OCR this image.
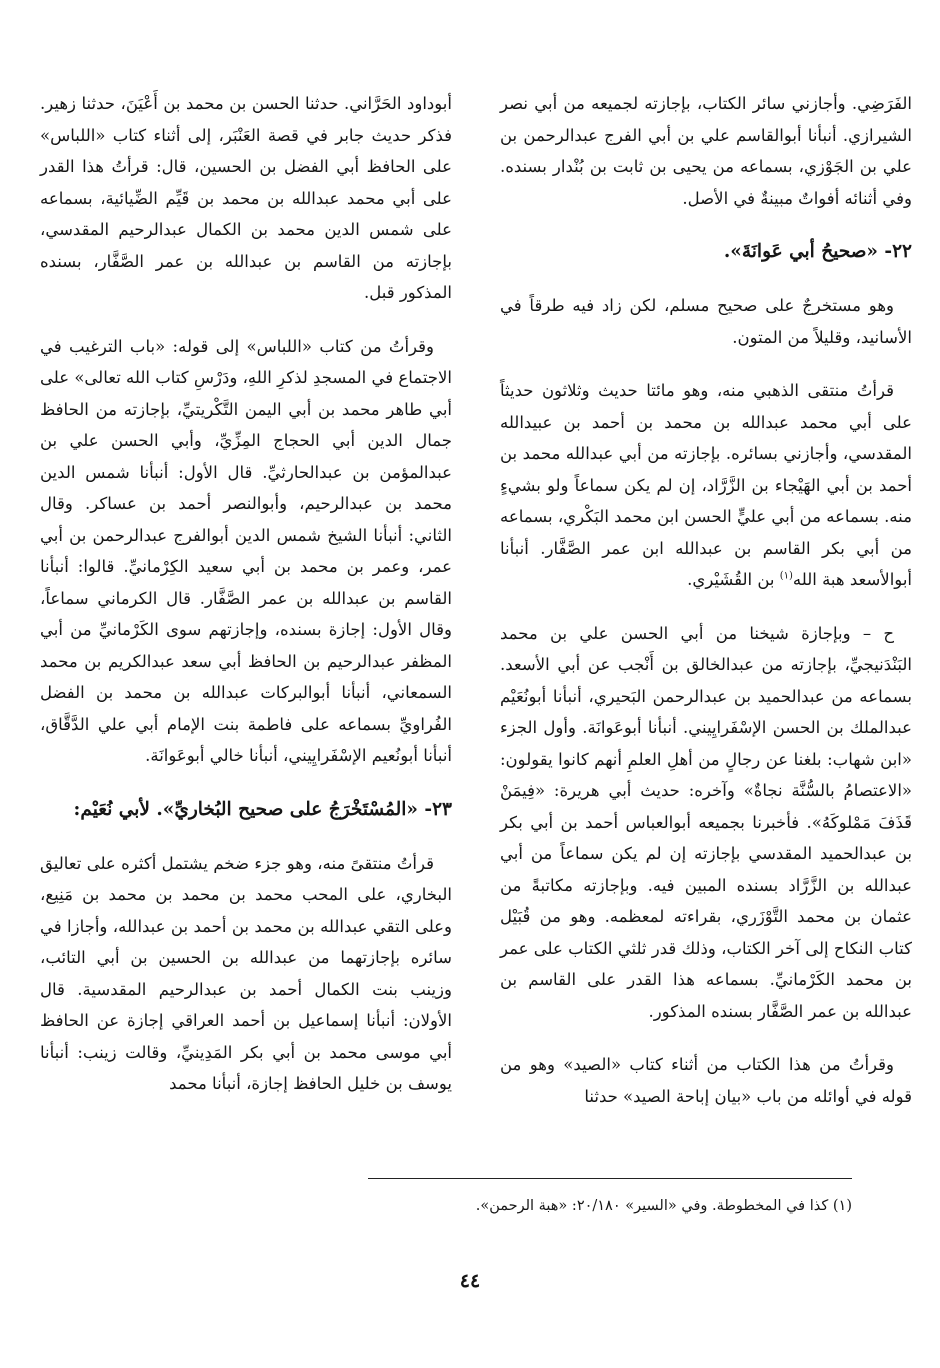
الفَرَضِي. وأجازني سائر الكتاب، بإجازته لجميعه من أبي نصر الشيرازي. أنبأنا أبوالقاسم علي بن أبي الفرج عبدالرحمن بن علي بن الجَوْزي، بسماعه من يحيى بن ثابت بن بُنْدار بسنده. وفي أثنائه أفواتٌ مبينةٌ في الأصل.

٢٢- «صحيحُ أبي عَوانَةَ».

وهو مستخرجٌ على صحيح مسلم، لكن زاد فيه طرقاً في الأسانيد، وقليلاً من المتون.

قرأتُ منتقى الذهبي منه، وهو مائتا حديث وثلاثون حديثاً على أبي محمد عبدالله بن محمد بن أحمد بن عبيدالله المقدسي، وأجازني بسائره. بإجازته من أبي عبدالله محمد بن أحمد بن أبي الهَيْجاء بن الزَّرَّاد، إن لم يكن سماعاً ولو بشيءٍ منه. بسماعه من أبي عليٍّ الحسن ابن محمد البَكْري، بسماعه من أبي بكر القاسم بن عبدالله ابن عمر الصَّفَّار. أنبأنا أبوالأسعد هبة الله$^{(١)}$ بن القُشَيْري.

ح – وبإجازة شيخنا من أبي الحسن علي بن محمد البَنْدَنيجيِّ، بإجازته من عبدالخالق بن أَنْجب عن أبي الأسعد. بسماعه من عبدالحميد بن عبدالرحمن البَحيري، أنبأنا أبونُعَيْم عبدالملك بن الحسن الإسْفَرايِيني. أنبأنا أبوعَوانَة. وأول الجزء «ابن شهاب: بلغنا عن رجالٍ من أهلِ العلمِ أنهم كانوا يقولون: «الاعتصامُ بالسُّنَّة نجاةٌ» وآخره: حديث أبي هريرة: «فِيمَنْ قَذَفَ مَمْلوكَهُ». فأخبرنا بجميعه أبوالعباس أحمد بن أبي بكر بن عبدالحميد المقدسي بإجازته إن لم يكن سماعاً من أبي عبدالله بن الزَّرَّاد بسنده المبين فيه. وبإجازته مكاتبةً من عثمان بن محمد التَّوْزَري، بقراءته لمعظمه. وهو من قُبَيْل كتاب النكاح إلى آخر الكتاب، وذلك قدر ثلثي الكتاب على عمر بن محمد الكَرْمانيِّ. بسماعه هذا القدر على القاسم بن عبدالله بن عمر الصَّفَّار بسنده المذكور.

وقرأتُ من هذا الكتاب من أثناء كتاب «الصيد» وهو من قوله في أوائله من باب «بيان إباحة الصيد» حدثنا

أبوداود الحَرَّاني. حدثنا الحسن بن محمد بن أَعْيَنَ، حدثنا زهير. فذكر حديث جابر في قصة العَنْبَر، إلى أثناء كتاب «اللباس» على الحافظ أبي الفضل بن الحسين، قال: قرأتُ هذا القدر على أبي محمد عبدالله بن محمد بن قَيِّم الضِّيائية، بسماعه على شمس الدين محمد بن الكمال عبدالرحيم المقدسي، بإجازته من القاسم بن عبدالله بن عمر الصَّفَّار، بسنده المذكور قبل.

وقرأتُ من كتاب «اللباس» إلى قوله: «باب الترغيب في الاجتماع في المسجدِ لذكرِ اللهِ، ودَرْسِ كتاب الله تعالى» على أبي طاهر محمد بن أبي اليمن التَّكْريتيِّ، بإجازته من الحافظ جمال الدين أبي الحجاج المِزِّيِّ، وأبي الحسن علي بن عبدالمؤمن بن عبدالحارثيِّ. قال الأول: أنبأنا شمس الدين محمد بن عبدالرحيم، وأبوالنصر أحمد بن عساكر. وقال الثاني: أنبأنا الشيخ شمس الدين أبوالفرج عبدالرحمن بن أبي عمر، وعمر بن محمد بن أبي سعيد الكِرْمانيِّ. قالوا: أنبأنا القاسم بن عبدالله بن عمر الصَّفَّار. قال الكرماني سماعاً، وقال الأول: إجازة بسنده، وإجازتهم سوى الكَرْمانيِّ من أبي المظفر عبدالرحيم بن الحافظ أبي سعد عبدالكريم بن محمد السمعاني، أنبأنا أبوالبركات عبدالله بن محمد بن الفضل الفُراويِّ بسماعه على فاطمة بنت الإمام أبي علي الدَّقَّاق، أنبأنا أبونُعيم الإسْفَرايِيني، أنبأنا خالي أبوعَوانَة.

٢٣- «المُسْتَخْرَجُ على صحيح البُخاريِّ». لأبي نُعَيْم:

قرأتُ منتقىً منه، وهو جزء ضخم يشتمل أكثره على تعاليق البخاري، على المحب محمد بن محمد بن محمد بن مَنِيع، وعلى التقي عبدالله بن محمد بن أحمد بن عبدالله، وأجازا في سائره بإجازتهما من عبدالله بن الحسين بن أبي التائب، وزينب بنت الكمال أحمد بن عبدالرحيم المقدسية. قال الأولان: أنبأنا إسماعيل بن أحمد العراقي إجازة عن الحافظ أبي موسى محمد بن أبي بكر المَدِينيِّ، وقالت زينب: أنبأنا يوسف بن خليل الحافظ إجازة، أنبأنا محمد

(١) كذا في المخطوطة. وفي «السير» ٢٠/١٨٠: «هبة الرحمن».
٤٤
